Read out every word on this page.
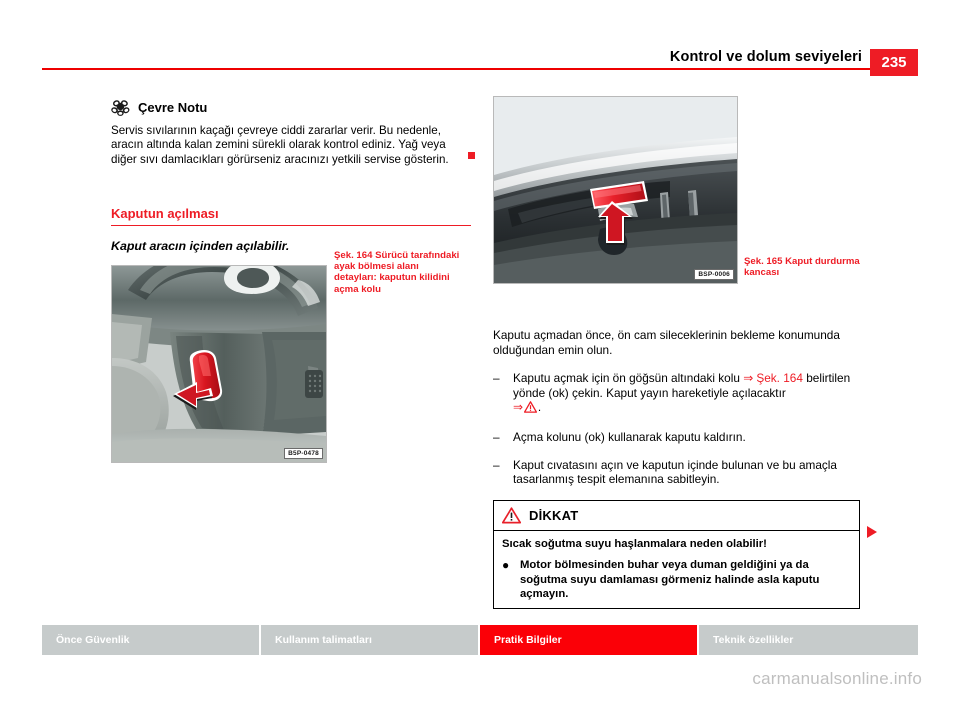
Kontrol ve dolum seviyeleri	235
Çevre Notu
Servis sıvılarının kaçağı çevreye ciddi zararlar verir. Bu nedenle, aracın altında kalan zemini sürekli olarak kontrol ediniz. Yağ veya diğer sıvı damlacıkları görürseniz aracınızı yetkili servise gösterin.
Kaputun açılması
Kaput aracın içinden açılabilir.
B5P-0478
Şek. 164 Sürücü tarafındaki ayak bölmesi alanı detayları: kaputun kilidini açma kolu
BSP-0006
Şek. 165 Kaput durdurma kancası
Kaputu açmadan önce, ön cam sileceklerinin bekleme konumunda olduğundan emin olun.
–	Kaputu açmak için ön göğsün altındaki kolu ⇒ Şek. 164 belirtilen yönde (ok) çekin. Kaput yayın hareketiyle açılacaktır
⇒ .
–	Açma kolunu (ok) kullanarak kaputu kaldırın.
–	Kaput cıvatasını açın ve kaputun içinde bulunan ve bu amaçla tasarlanmış tespit elemanına sabitleyin.
DİKKAT
Sıcak soğutma suyu haşlanmalara neden olabilir!
● Motor bölmesinden buhar veya duman geldiğini ya da soğutma suyu damlaması görmeniz halinde asla kaputu açmayın.
Önce Güvenlik	Kullanım talimatları	Pratik Bilgiler	Teknik özellikler
carmanualsonline.info
